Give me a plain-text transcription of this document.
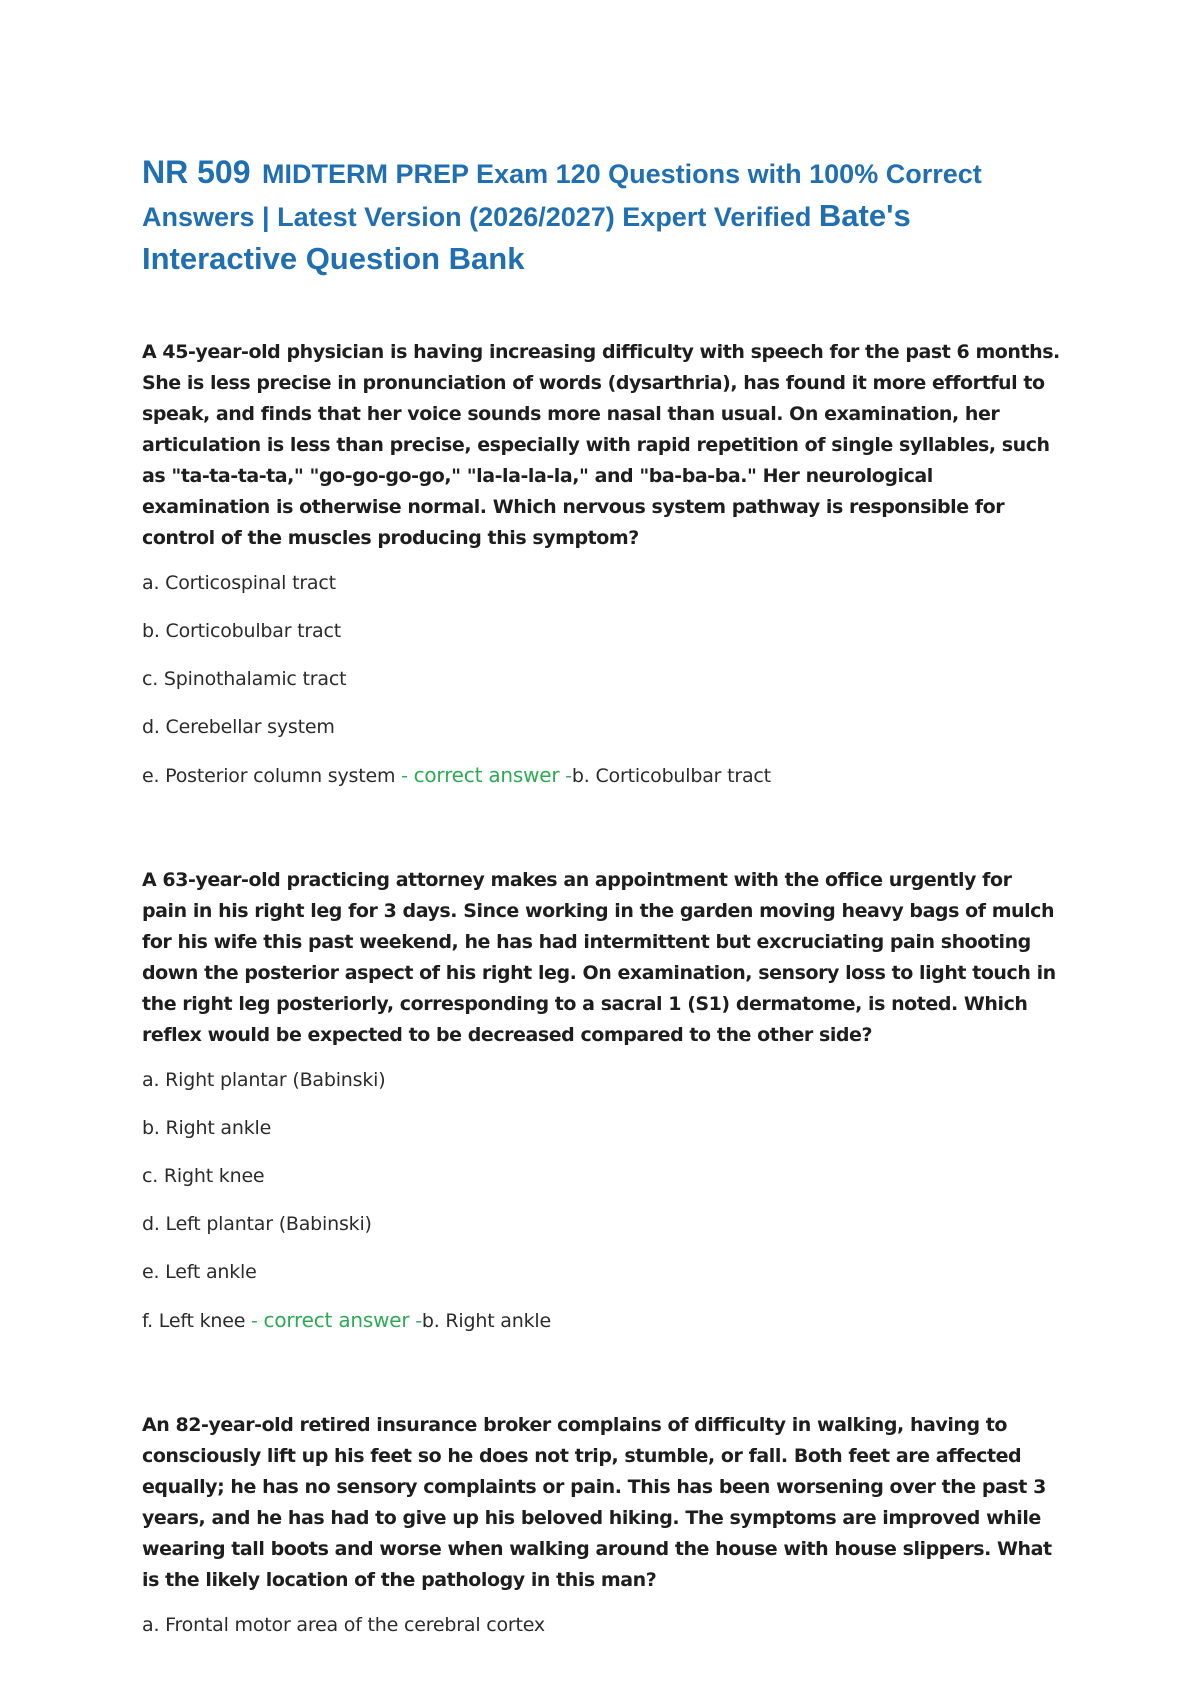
NR 509 MIDTERM PREP Exam 120 Questions with 100% Correct Answers | Latest Version (2026/2027) Expert Verified Bate's Interactive Question Bank

A 45-year-old physician is having increasing difficulty with speech for the past 6 months. She is less precise in pronunciation of words (dysarthria), has found it more effortful to speak, and finds that her voice sounds more nasal than usual. On examination, her articulation is less than precise, especially with rapid repetition of single syllables, such as "ta-ta-ta-ta," "go-go-go-go," "la-la-la-la," and "ba-ba-ba." Her neurological examination is otherwise normal. Which nervous system pathway is responsible for control of the muscles producing this symptom?

a. Corticospinal tract
b. Corticobulbar tract
c. Spinothalamic tract
d. Cerebellar system
e. Posterior column system - correct answer -b. Corticobulbar tract

A 63-year-old practicing attorney makes an appointment with the office urgently for pain in his right leg for 3 days. Since working in the garden moving heavy bags of mulch for his wife this past weekend, he has had intermittent but excruciating pain shooting down the posterior aspect of his right leg. On examination, sensory loss to light touch in the right leg posteriorly, corresponding to a sacral 1 (S1) dermatome, is noted. Which reflex would be expected to be decreased compared to the other side?

a. Right plantar (Babinski)
b. Right ankle
c. Right knee
d. Left plantar (Babinski)
e. Left ankle
f. Left knee - correct answer -b. Right ankle

An 82-year-old retired insurance broker complains of difficulty in walking, having to consciously lift up his feet so he does not trip, stumble, or fall. Both feet are affected equally; he has no sensory complaints or pain. This has been worsening over the past 3 years, and he has had to give up his beloved hiking. The symptoms are improved while wearing tall boots and worse when walking around the house with house slippers. What is the likely location of the pathology in this man?

a. Frontal motor area of the cerebral cortex
